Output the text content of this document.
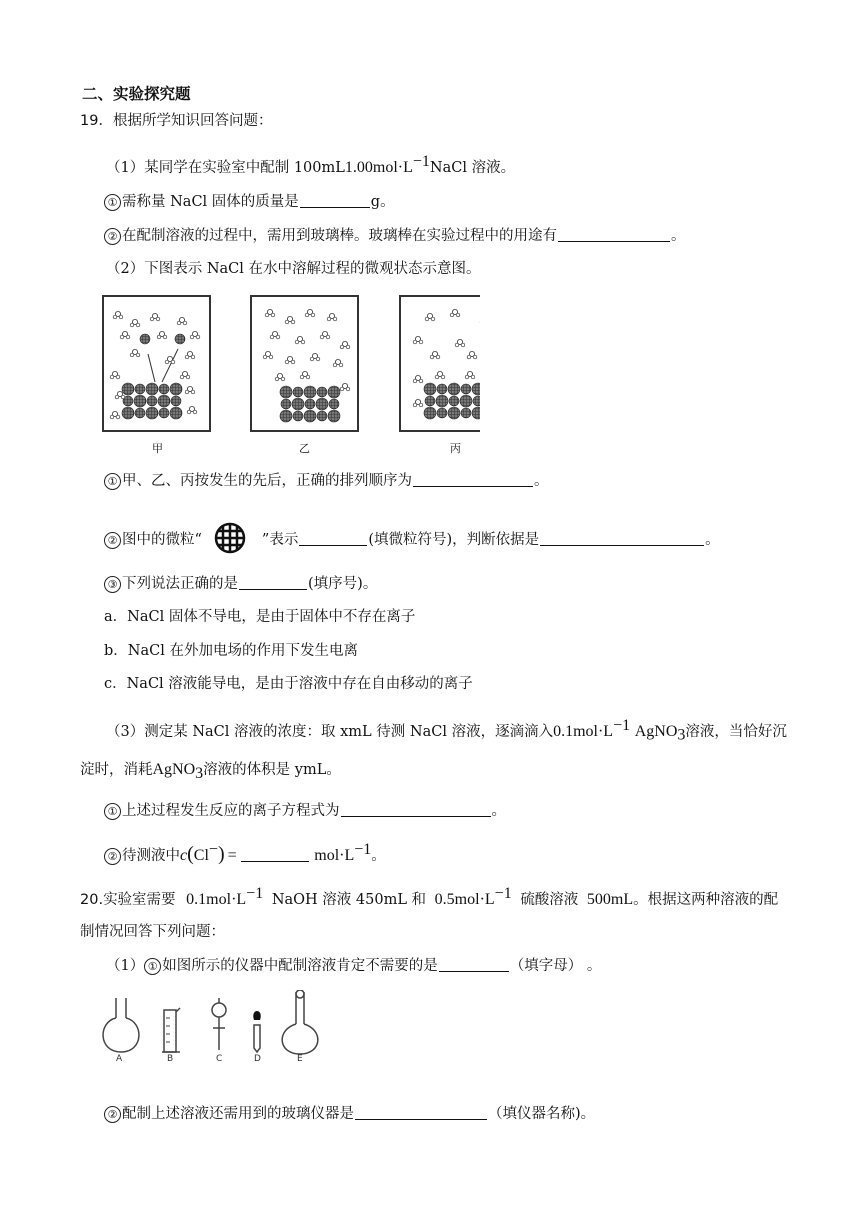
二、实验探究题
19．根据所学知识回答问题：
（1）某同学在实验室中配制 $100mL1.00mol\cdot L^{-1}NaCl$ 溶液。
① 需称量 NaCl 固体的质量是	g。
② 在配制溶液的过程中，需用到玻璃棒。玻璃棒在实验过程中的用途有	。
（2）下图表示 NaCl 在水中溶解过程的微观状态示意图。
甲	乙	丙
① 甲、乙、丙按发生的先后，正确的排列顺序为	。
② 图中的微粒“	”表示	(填微粒符号)，判断依据是	。
③ 下列说法正确的是	(填序号)。
a．NaCl 固体不导电，是由于固体中不存在离子
b．NaCl 在外加电场的作用下发生电离
c．NaCl 溶液能导电，是由于溶液中存在自由移动的离子
（3）测定某 NaCl 溶液的浓度：取 xmL 待测 NaCl 溶液，逐滴滴入$0.1mol\cdot L^{-1}$ AgNO$_3$溶液，当恰好沉
淀时，消耗AgNO$_3$溶液的体积是 ymL。
① 上述过程发生反应的离子方程式为	。
② 待测液中c(Cl−) =	$mol\cdot L^{-1}$。
20.实验室需要 $0.1mol\cdot L^{-1}$ NaOH 溶液 450mL 和 $0.5mol\cdot L^{-1}$ 硫酸溶液 500mL。根据这两种溶液的配
制情况回答下列问题：
（1） ① 如图所示的仪器中配制溶液肯定不需要的是	（填字母） 。
A	B	C	D	E
② 配制上述溶液还需用到的玻璃仪器是	（填仪器名称)。
